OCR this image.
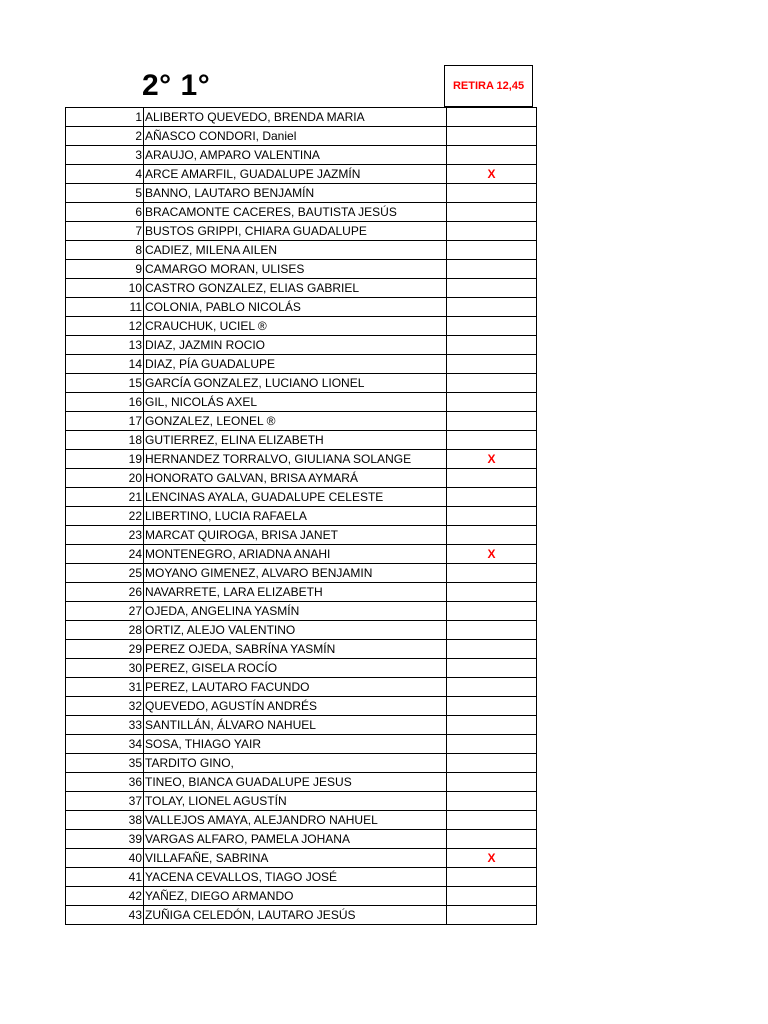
2° 1°	RETIRA 12,45
1	ALIBERTO QUEVEDO, BRENDA MARIA	
2	AÑASCO CONDORI, Daniel	
3	ARAUJO, AMPARO VALENTINA	
4	ARCE AMARFIL, GUADALUPE JAZMÍN	X
5	BANNO, LAUTARO BENJAMÍN	
6	BRACAMONTE CACERES, BAUTISTA JESÚS	
7	BUSTOS GRIPPI, CHIARA GUADALUPE	
8	CADIEZ, MILENA AILEN	
9	CAMARGO MORAN, ULISES	
10	CASTRO GONZALEZ, ELIAS GABRIEL	
11	COLONIA, PABLO NICOLÁS	
12	CRAUCHUK, UCIEL ®	
13	DIAZ, JAZMIN ROCIO	
14	DIAZ, PÍA GUADALUPE	
15	GARCÍA GONZALEZ, LUCIANO LIONEL	
16	GIL, NICOLÁS AXEL	
17	GONZALEZ, LEONEL ®	
18	GUTIERREZ, ELINA ELIZABETH	
19	HERNANDEZ TORRALVO, GIULIANA SOLANGE	X
20	HONORATO GALVAN, BRISA AYMARÁ	
21	LENCINAS AYALA, GUADALUPE CELESTE	
22	LIBERTINO, LUCIA RAFAELA	
23	MARCAT QUIROGA, BRISA JANET	
24	MONTENEGRO, ARIADNA ANAHI	X
25	MOYANO GIMENEZ, ALVARO BENJAMIN	
26	NAVARRETE, LARA ELIZABETH	
27	OJEDA, ANGELINA YASMÍN	
28	ORTIZ, ALEJO VALENTINO	
29	PEREZ OJEDA, SABRÍNA YASMÍN	
30	PEREZ, GISELA ROCÍO	
31	PEREZ, LAUTARO FACUNDO	
32	QUEVEDO, AGUSTÍN ANDRÉS	
33	SANTILLÁN, ÁLVARO NAHUEL	
34	SOSA, THIAGO YAIR	
35	TARDITO GINO,	
36	TINEO, BIANCA GUADALUPE JESUS	
37	TOLAY, LIONEL AGUSTÍN	
38	VALLEJOS AMAYA, ALEJANDRO NAHUEL	
39	VARGAS ALFARO, PAMELA JOHANA	
40	VILLAFAÑE, SABRINA	X
41	YACENA CEVALLOS, TIAGO JOSÉ	
42	YAÑEZ, DIEGO ARMANDO	
43	ZUÑIGA CELEDÓN, LAUTARO JESÚS	
